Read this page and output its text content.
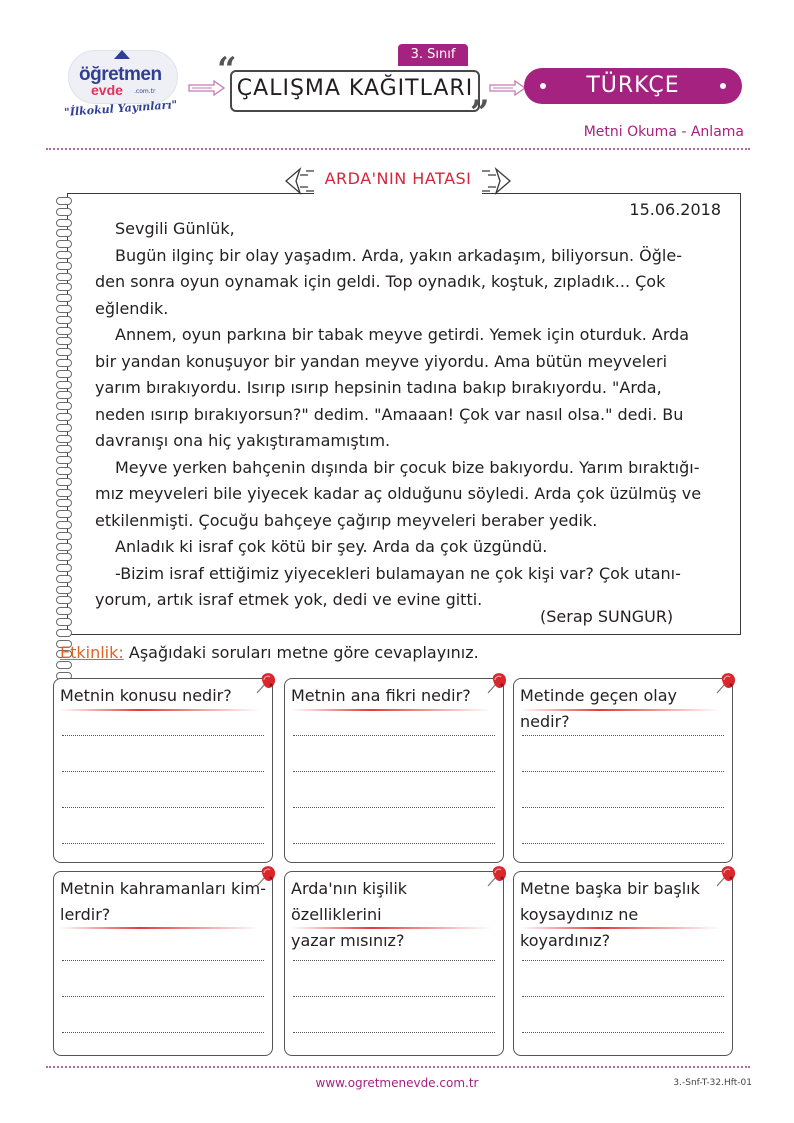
öğretmen
evde .com.tr
"İlkokul Yayınları"
3. Sınıf
“ ÇALIŞMA KAĞITLARI
”
TÜRKÇE
Metni Okuma - Anlama
ARDA'NIN HATASI
15.06.2018

Sevgili Günlük,

Bugün ilginç bir olay yaşadım. Arda, yakın arkadaşım, biliyorsun. Öğle-

den sonra oyun oynamak için geldi. Top oynadık, koştuk, zıpladık... Çok

eğlendik.

Annem, oyun parkına bir tabak meyve getirdi. Yemek için oturduk. Arda

bir yandan konuşuyor bir yandan meyve yiyordu. Ama bütün meyveleri

yarım bırakıyordu. Isırıp ısırıp hepsinin tadına bakıp bırakıyordu. "Arda,

neden ısırıp bırakıyorsun?" dedim. "Amaaan! Çok var nasıl olsa." dedi. Bu

davranışı ona hiç yakıştıramamıştım.

Meyve yerken bahçenin dışında bir çocuk bize bakıyordu. Yarım bıraktığı-

mız meyveleri bile yiyecek kadar aç olduğunu söyledi. Arda çok üzülmüş ve

etkilenmişti. Çocuğu bahçeye çağırıp meyveleri beraber yedik.

Anladık ki israf çok kötü bir şey. Arda da çok üzgündü.

-Bizim israf ettiğimiz yiyecekleri bulamayan ne çok kişi var? Çok utanı-

yorum, artık israf etmek yok, dedi ve evine gitti.

(Serap SUNGUR)
Etkinlik: Aşağıdaki soruları metne göre cevaplayınız.
Metnin konusu nedir?	Metnin ana fikri nedir?	Metinde geçen olay nedir?
Metnin kahramanları kim-
lerdir?
Arda'nın kişilik özelliklerini
yazar mısınız?
Metne başka bir başlık
koysaydınız ne koyardınız?
www.ogretmenevde.com.tr	3.-Snf-T-32.Hft-01
